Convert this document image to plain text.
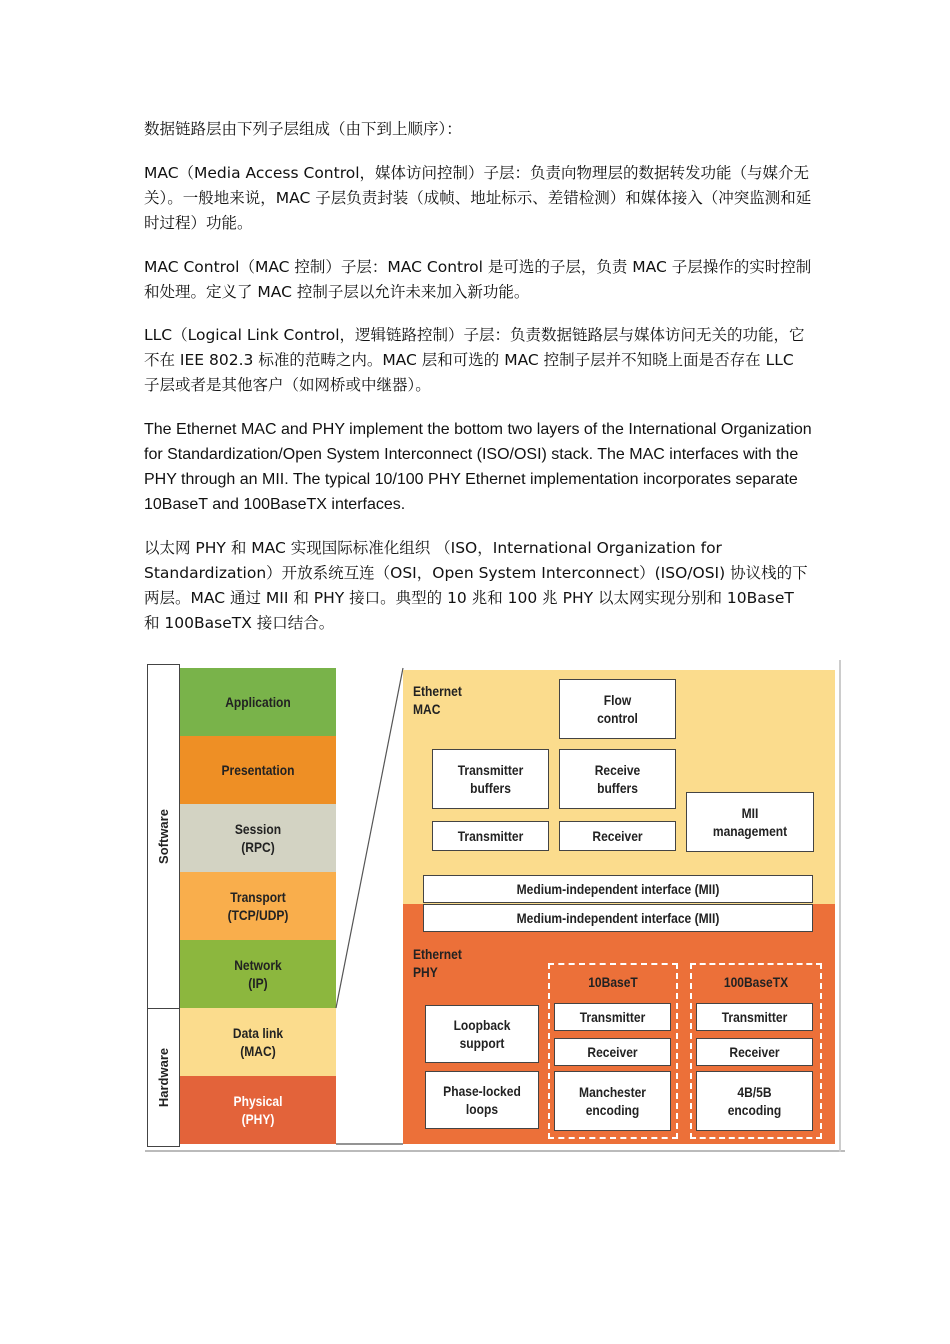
数据链路层由下列子层组成（由下到上顺序）：

MAC（Media Access Control，媒体访问控制）子层：负责向物理层的数据转发功能（与媒介无关）。一般地来说，MAC 子层负责封装（成帧、地址标示、差错检测）和媒体接入（冲突监测和延时过程）功能。

MAC Control（MAC 控制）子层：MAC Control 是可选的子层，负责 MAC 子层操作的实时控制和处理。定义了 MAC 控制子层以允许未来加入新功能。

LLC（Logical Link Control，逻辑链路控制）子层：负责数据链路层与媒体访问无关的功能，它不在 IEE 802.3 标准的范畴之内。MAC 层和可选的 MAC 控制子层并不知晓上面是否存在 LLC 子层或者是其他客户（如网桥或中继器）。

The Ethernet MAC and PHY implement the bottom two layers of the International Organization for Standardization/Open System Interconnect (ISO/OSI) stack. The MAC interfaces with the PHY through an MII. The typical 10/100 PHY Ethernet implementation incorporates separate 10BaseT and 100BaseTX interfaces.

以太网 PHY 和 MAC 实现国际标准化组织 （ISO，International Organization for Standardization）开放系统互连（OSI，Open System Interconnect）(ISO/OSI) 协议栈的下两层。MAC 通过 MII 和 PHY 接口。典型的 10 兆和 100 兆 PHY 以太网实现分别和 10BaseT 和 100BaseTX 接口结合。

Software
Hardware
Application
Presentation
Session
(RPC)
Transport
(TCP/UDP)
Network
(IP)
Data link
(MAC)
Physical
(PHY)
Ethernet
MAC
Flow
control
Transmitter
buffers
Receive
buffers
Transmitter	Receiver
MII
management
Medium-independent interface (MII)
Medium-independent interface (MII)
Ethernet
PHY
Loopback
support
Phase-locked
loops
10BaseT
Transmitter
Receiver
Manchester
encoding
100BaseTX
Transmitter
Receiver
4B/5B
encoding
